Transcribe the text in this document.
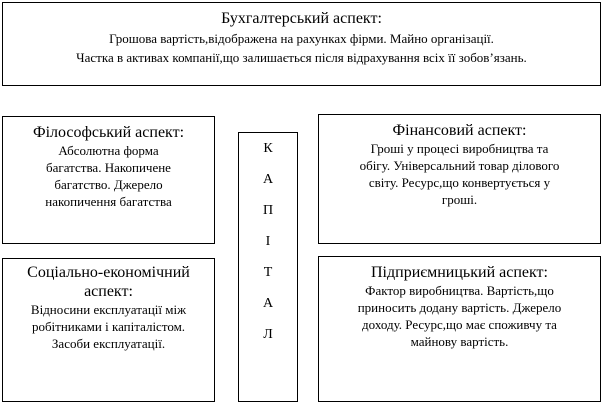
Бухгалтерський аспект:

Грошова вартість,відображена на рахунках фірми. Майно організації.

Частка в активах компанії,що залишається після відрахування всіх її зобов’язань.

Філософський аспект:

Абсолютна форма

багатства. Накопичене

багатство. Джерело

накопичення багатства

К
А
П
І
Т
А
Л

Фінансовий аспект:

Гроші у процесі виробництва та

обігу. Універсальний товар ділового

світу. Ресурс,що конвертується у

гроші.

Соціально-економічний

аспект:

Відносини експлуатації між

робітниками і капіталістом.

Засоби експлуатації.

Підприємницький аспект:

Фактор виробництва. Вартість,що

приносить додану вартість. Джерело

доходу. Ресурс,що має споживчу та

майнову вартість.
